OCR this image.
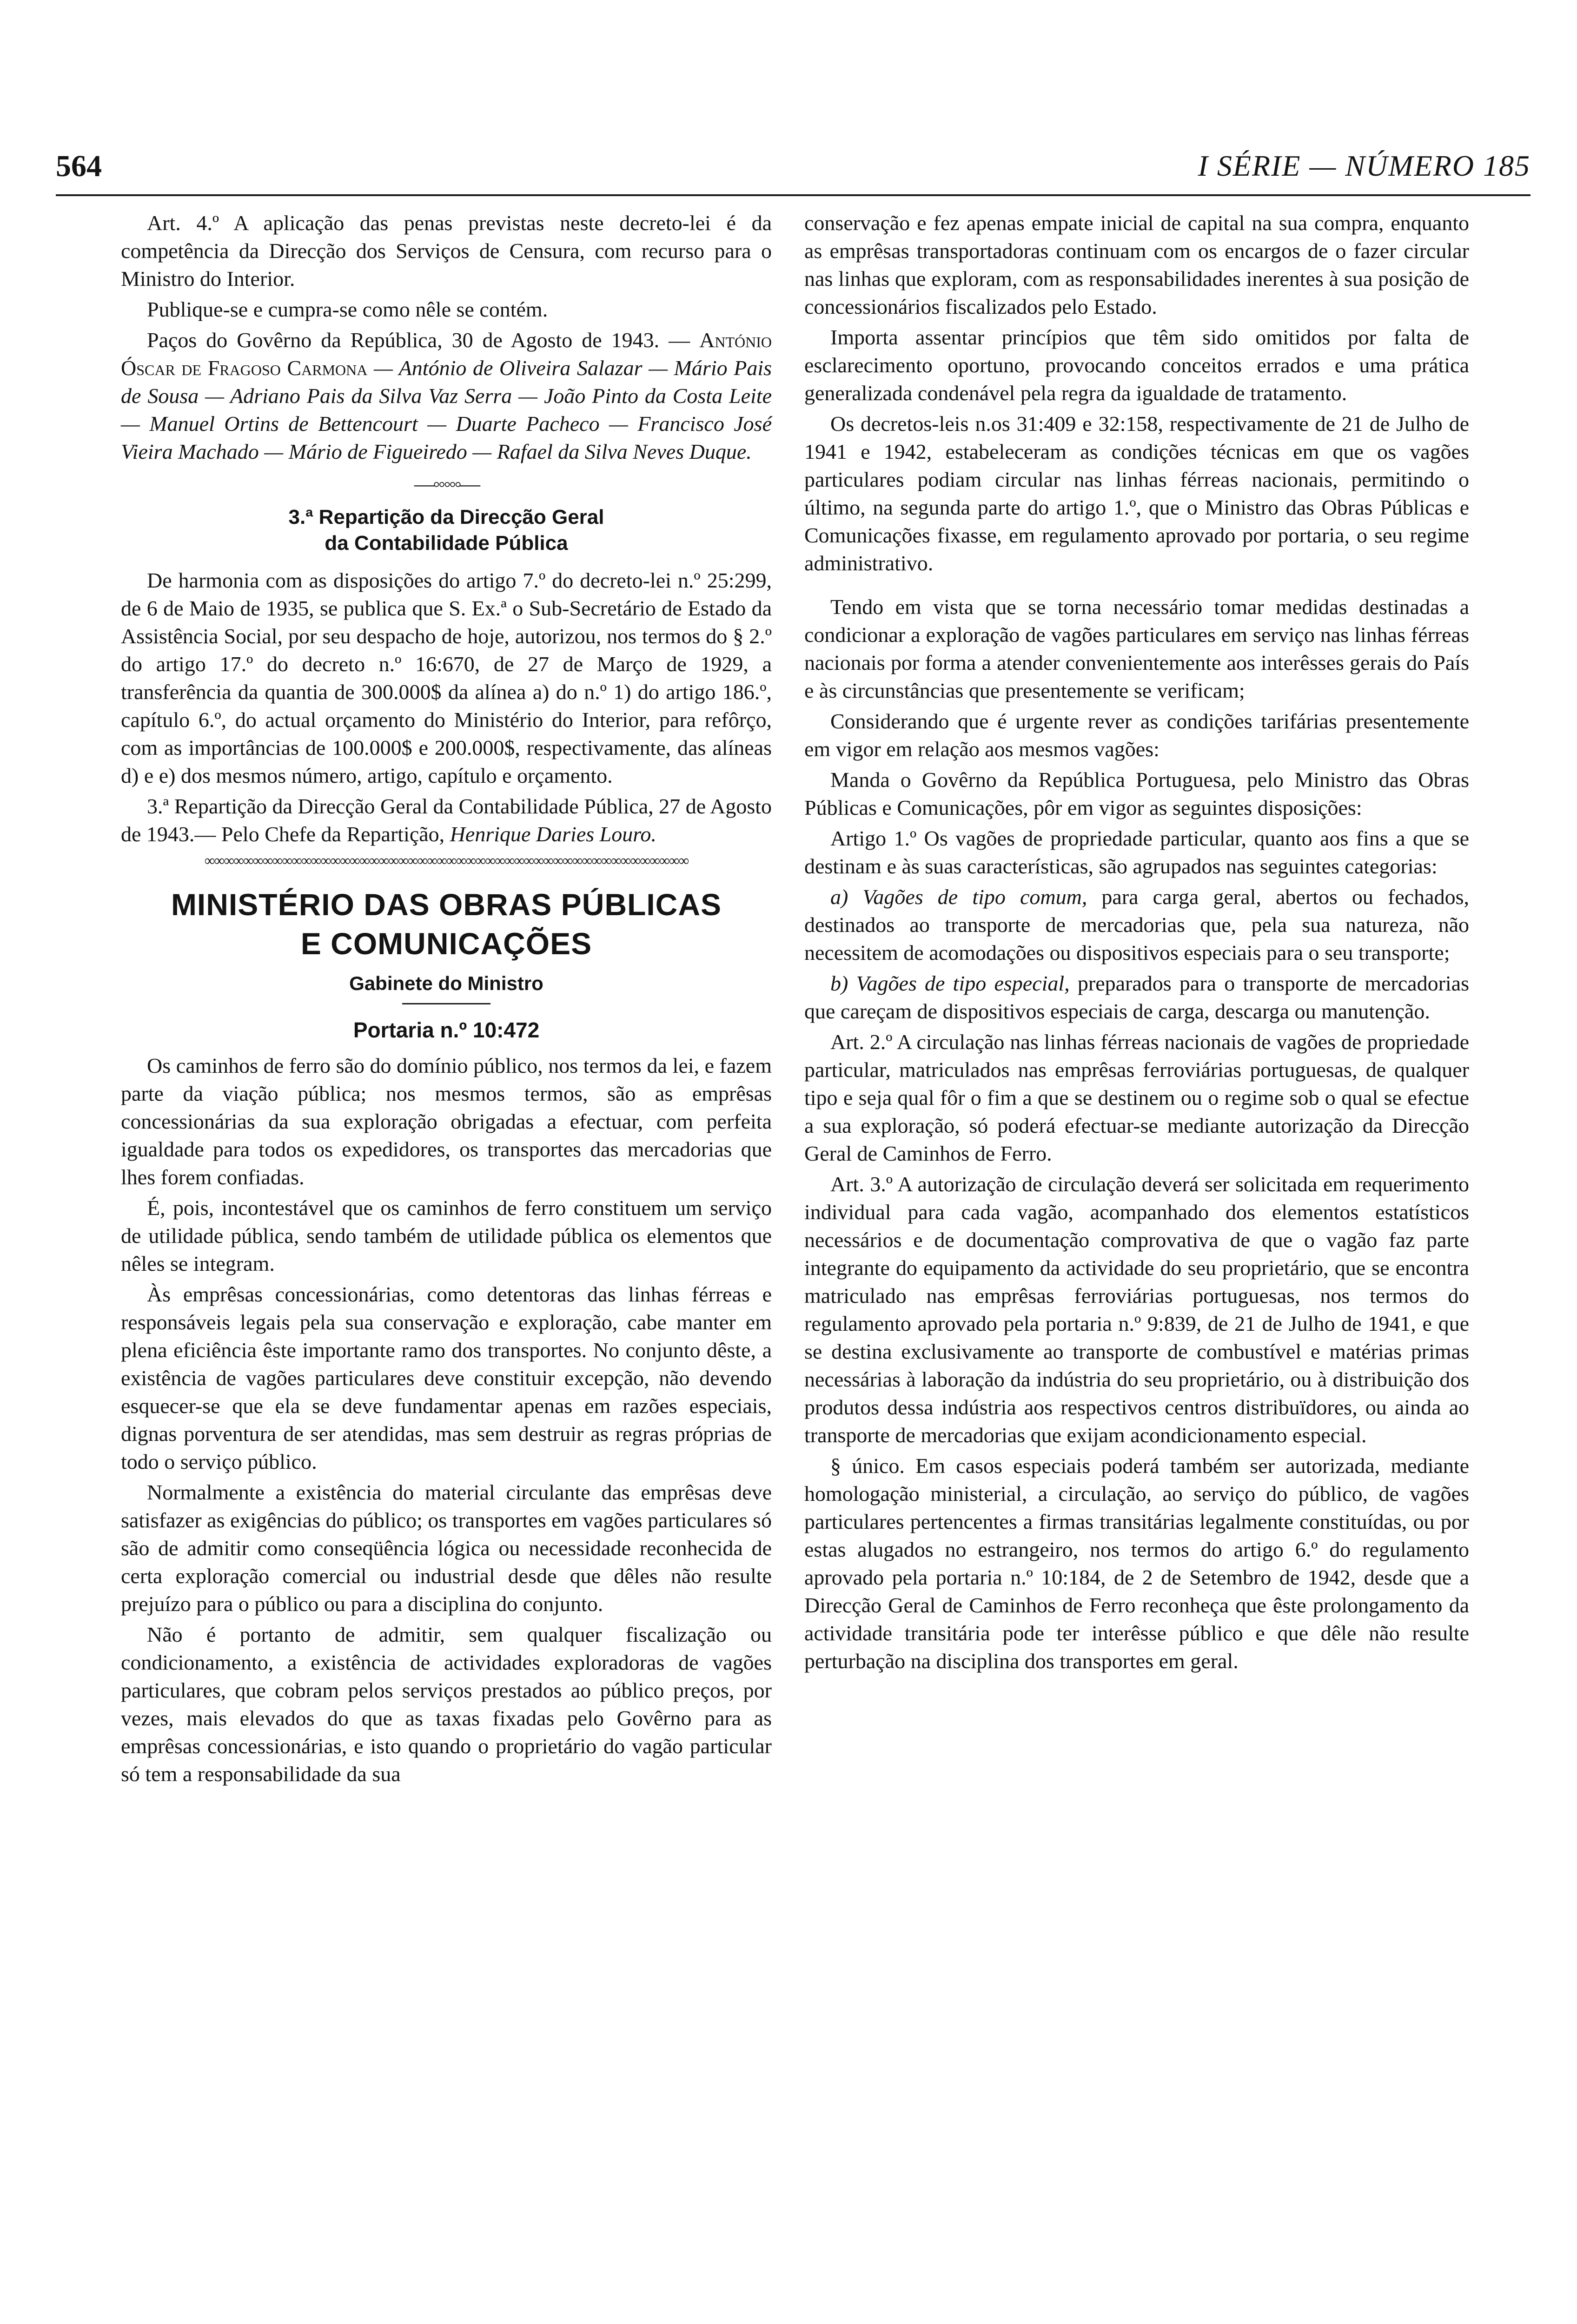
564	I SÉRIE — NÚMERO 185

Art. 4.º A aplicação das penas previstas neste decreto-lei é da competência da Direcção dos Serviços de Censura, com recurso para o Ministro do Interior.

Publique-se e cumpra-se como nêle se contém.

Paços do Govêrno da República, 30 de Agosto de 1943. — António Óscar de Fragoso Carmona — António de Oliveira Salazar — Mário Pais de Sousa — Adriano Pais da Silva Vaz Serra — João Pinto da Costa Leite — Manuel Ortins de Bettencourt — Duarte Pacheco — Francisco José Vieira Machado — Mário de Figueiredo — Rafael da Silva Neves Duque.

—◦◦◦◦◦—
3.ª Repartição da Direcção Geral
da Contabilidade Pública

De harmonia com as disposições do artigo 7.º do decreto-lei n.º 25:299, de 6 de Maio de 1935, se publica que S. Ex.ª o Sub-Secretário de Estado da Assistência Social, por seu despacho de hoje, autorizou, nos termos do § 2.º do artigo 17.º do decreto n.º 16:670, de 27 de Março de 1929, a transferência da quantia de 300.000$ da alínea a) do n.º 1) do artigo 186.º, capítulo 6.º, do actual orçamento do Ministério do Interior, para refôrço, com as importâncias de 100.000$ e 200.000$, respectivamente, das alíneas d) e e) dos mesmos número, artigo, capítulo e orçamento.

3.ª Repartição da Direcção Geral da Contabilidade Pública, 27 de Agosto de 1943.— Pelo Chefe da Repartição, Henrique Daries Louro.

∞∞∞∞∞∞∞∞∞∞∞∞∞∞∞∞∞∞∞∞∞∞∞∞∞∞∞∞∞∞∞∞∞∞∞∞∞∞∞∞∞∞∞∞∞∞∞∞∞∞
MINISTÉRIO DAS OBRAS PÚBLICAS
E COMUNICAÇÕES
Gabinete do Ministro
Portaria n.º 10:472

Os caminhos de ferro são do domínio público, nos termos da lei, e fazem parte da viação pública; nos mesmos termos, são as emprêsas concessionárias da sua exploração obrigadas a efectuar, com perfeita igualdade para todos os expedidores, os transportes das mercadorias que lhes forem confiadas.

É, pois, incontestável que os caminhos de ferro constituem um serviço de utilidade pública, sendo também de utilidade pública os elementos que nêles se integram.

Às emprêsas concessionárias, como detentoras das linhas férreas e responsáveis legais pela sua conservação e exploração, cabe manter em plena eficiência êste importante ramo dos transportes. No conjunto dêste, a existência de vagões particulares deve constituir excepção, não devendo esquecer-se que ela se deve fundamentar apenas em razões especiais, dignas porventura de ser atendidas, mas sem destruir as regras próprias de todo o serviço público.

Normalmente a existência do material circulante das emprêsas deve satisfazer as exigências do público; os transportes em vagões particulares só são de admitir como conseqüência lógica ou necessidade reconhecida de certa exploração comercial ou industrial desde que dêles não resulte prejuízo para o público ou para a disciplina do conjunto.

Não é portanto de admitir, sem qualquer fiscalização ou condicionamento, a existência de actividades exploradoras de vagões particulares, que cobram pelos serviços prestados ao público preços, por vezes, mais elevados do que as taxas fixadas pelo Govêrno para as emprêsas concessionárias, e isto quando o proprietário do vagão particular só tem a responsabilidade da sua

conservação e fez apenas empate inicial de capital na sua compra, enquanto as emprêsas transportadoras continuam com os encargos de o fazer circular nas linhas que exploram, com as responsabilidades inerentes à sua posição de concessionários fiscalizados pelo Estado.

Importa assentar princípios que têm sido omitidos por falta de esclarecimento oportuno, provocando conceitos errados e uma prática generalizada condenável pela regra da igualdade de tratamento.

Os decretos-leis n.os 31:409 e 32:158, respectivamente de 21 de Julho de 1941 e 1942, estabeleceram as condições técnicas em que os vagões particulares podiam circular nas linhas férreas nacionais, permitindo o último, na segunda parte do artigo 1.º, que o Ministro das Obras Públicas e Comunicações fixasse, em regulamento aprovado por portaria, o seu regime administrativo.

Tendo em vista que se torna necessário tomar medidas destinadas a condicionar a exploração de vagões particulares em serviço nas linhas férreas nacionais por forma a atender convenientemente aos interêsses gerais do País e às circunstâncias que presentemente se verificam;

Considerando que é urgente rever as condições tarifárias presentemente em vigor em relação aos mesmos vagões:

Manda o Govêrno da República Portuguesa, pelo Ministro das Obras Públicas e Comunicações, pôr em vigor as seguintes disposições:

Artigo 1.º Os vagões de propriedade particular, quanto aos fins a que se destinam e às suas características, são agrupados nas seguintes categorias:

a) Vagões de tipo comum, para carga geral, abertos ou fechados, destinados ao transporte de mercadorias que, pela sua natureza, não necessitem de acomodações ou dispositivos especiais para o seu transporte;

b) Vagões de tipo especial, preparados para o transporte de mercadorias que careçam de dispositivos especiais de carga, descarga ou manutenção.

Art. 2.º A circulação nas linhas férreas nacionais de vagões de propriedade particular, matriculados nas emprêsas ferroviárias portuguesas, de qualquer tipo e seja qual fôr o fim a que se destinem ou o regime sob o qual se efectue a sua exploração, só poderá efectuar-se mediante autorização da Direcção Geral de Caminhos de Ferro.

Art. 3.º A autorização de circulação deverá ser solicitada em requerimento individual para cada vagão, acompanhado dos elementos estatísticos necessários e de documentação comprovativa de que o vagão faz parte integrante do equipamento da actividade do seu proprietário, que se encontra matriculado nas emprêsas ferroviárias portuguesas, nos termos do regulamento aprovado pela portaria n.º 9:839, de 21 de Julho de 1941, e que se destina exclusivamente ao transporte de combustível e matérias primas necessárias à laboração da indústria do seu proprietário, ou à distribuição dos produtos dessa indústria aos respectivos centros distribuïdores, ou ainda ao transporte de mercadorias que exijam acondicionamento especial.

§ único. Em casos especiais poderá também ser autorizada, mediante homologação ministerial, a circulação, ao serviço do público, de vagões particulares pertencentes a firmas transitárias legalmente constituídas, ou por estas alugados no estrangeiro, nos termos do artigo 6.º do regulamento aprovado pela portaria n.º 10:184, de 2 de Setembro de 1942, desde que a Direcção Geral de Caminhos de Ferro reconheça que êste prolongamento da actividade transitária pode ter interêsse público e que dêle não resulte perturbação na disciplina dos transportes em geral.
